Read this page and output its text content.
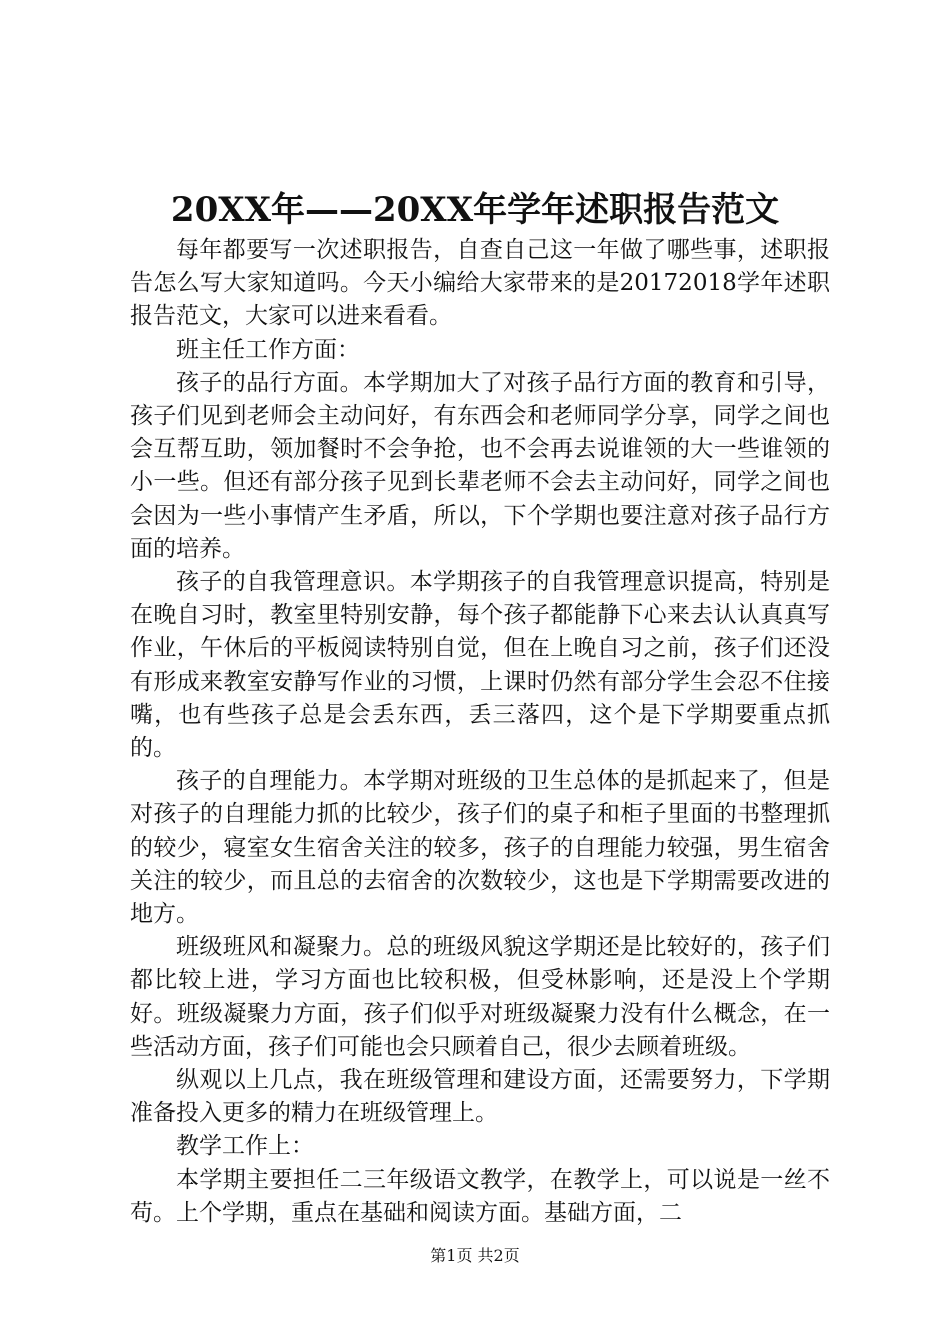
20XX年——20XX年学年述职报告范文

每年都要写一次述职报告，自查自己这一年做了哪些事，述职报告怎么写大家知道吗。今天小编给大家带来的是20172018学年述职报告范文，大家可以进来看看。

班主任工作方面：

孩子的品行方面。本学期加大了对孩子品行方面的教育和引导，孩子们见到老师会主动问好，有东西会和老师同学分享，同学之间也会互帮互助，领加餐时不会争抢，也不会再去说谁领的大一些谁领的小一些。但还有部分孩子见到长辈老师不会去主动问好，同学之间也会因为一些小事情产生矛盾，所以，下个学期也要注意对孩子品行方面的培养。

孩子的自我管理意识。本学期孩子的自我管理意识提高，特别是在晚自习时，教室里特别安静，每个孩子都能静下心来去认认真真写作业，午休后的平板阅读特别自觉，但在上晚自习之前，孩子们还没有形成来教室安静写作业的习惯，上课时仍然有部分学生会忍不住接嘴，也有些孩子总是会丢东西，丢三落四，这个是下学期要重点抓的。

孩子的自理能力。本学期对班级的卫生总体的是抓起来了，但是对孩子的自理能力抓的比较少，孩子们的桌子和柜子里面的书整理抓的较少，寝室女生宿舍关注的较多，孩子的自理能力较强，男生宿舍关注的较少，而且总的去宿舍的次数较少，这也是下学期需要改进的地方。

班级班风和凝聚力。总的班级风貌这学期还是比较好的，孩子们都比较上进，学习方面也比较积极，但受林影响，还是没上个学期好。班级凝聚力方面，孩子们似乎对班级凝聚力没有什么概念，在一些活动方面，孩子们可能也会只顾着自己，很少去顾着班级。

纵观以上几点，我在班级管理和建设方面，还需要努力，下学期准备投入更多的精力在班级管理上。

教学工作上：

本学期主要担任二三年级语文教学，在教学上，可以说是一丝不苟。上个学期，重点在基础和阅读方面。基础方面，二

第1页 共2页
